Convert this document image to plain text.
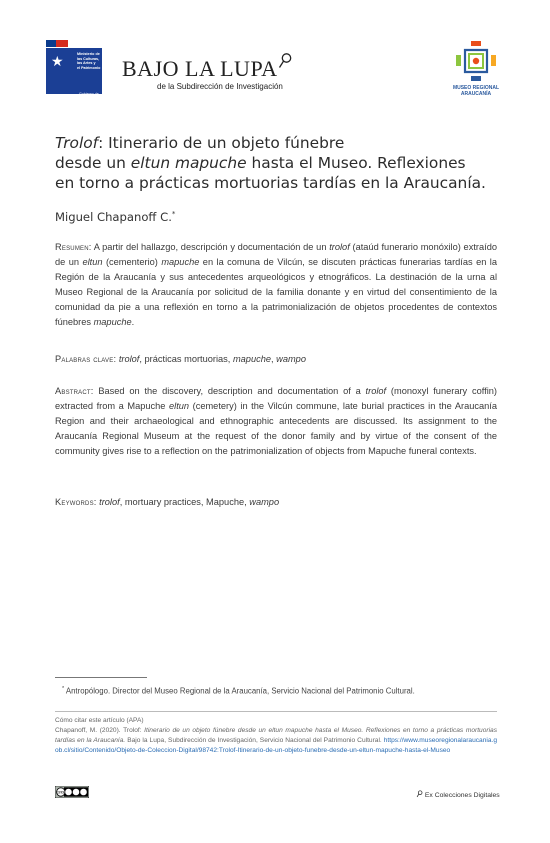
★	Ministerio de
las Culturas,
las Artes y
el Patrimonio
Gobierno de Chile
BAJO LA LUPA
de la Subdirección de Investigación	MUSEO REGIONAL
ARAUCANÍA

Trolof: Itinerario de un objeto fúnebre

desde un eltun mapuche hasta el Museo. Reflexiones

en torno a prácticas mortuorias tardías en la Araucanía.

Miguel Chapanoff C.*

Resumen: A partir del hallazgo, descripción y documentación de un trolof (ataúd funerario monóxilo) extraído de un eltun (cementerio) mapuche en la comuna de Vilcún, se discuten prácticas funerarias tardías en la Región de la Araucanía y sus antecedentes arqueológicos y etnográficos. La destinación de la urna al Museo Regional de la Araucanía por solicitud de la familia donante y en virtud del consentimiento de la comunidad da pie a una reflexión en torno a la patrimonialización de objetos procedentes de contextos fúnebres mapuche.

Palabras clave: trolof, prácticas mortuorias, mapuche, wampo

Abstract: Based on the discovery, description and documentation of a trolof (monoxyl funerary coffin) extracted from a Mapuche eltun (cemetery) in the Vilcún commune, late burial practices in the Araucanía Region and their archaeological and ethnographic antecedents are discussed. Its assignment to the Araucanía Regional Museum at the request of the donor family and by virtue of the consent of the community gives rise to a reflection on the patrimonialization of objects from Mapuche funeral contexts.

Keywords: trolof, mortuary practices, Mapuche, wampo

* Antropólogo. Director del Museo Regional de la Araucanía, Servicio Nacional del Patrimonio Cultural.

Cómo citar este artículo (APA)

Chapanoff, M. (2020). Trolof: Itinerario de un objeto fúnebre desde un eltun mapuche hasta el Museo. Reflexiones en torno a prácticas mortuorias tardías en la Araucanía. Bajo la Lupa, Subdirección de Investigación, Servicio Nacional del Patrimonio Cultural. https://www.museoregionalaraucania.gob.cl/sitio/Contenido/Objeto-de-Coleccion-Digital/98742:Trolof-Itinerario-de-un-objeto-funebre-desde-un-eltun-mapuche-hasta-el-Museo

CC BY NC SA	Ex Colecciones Digitales
